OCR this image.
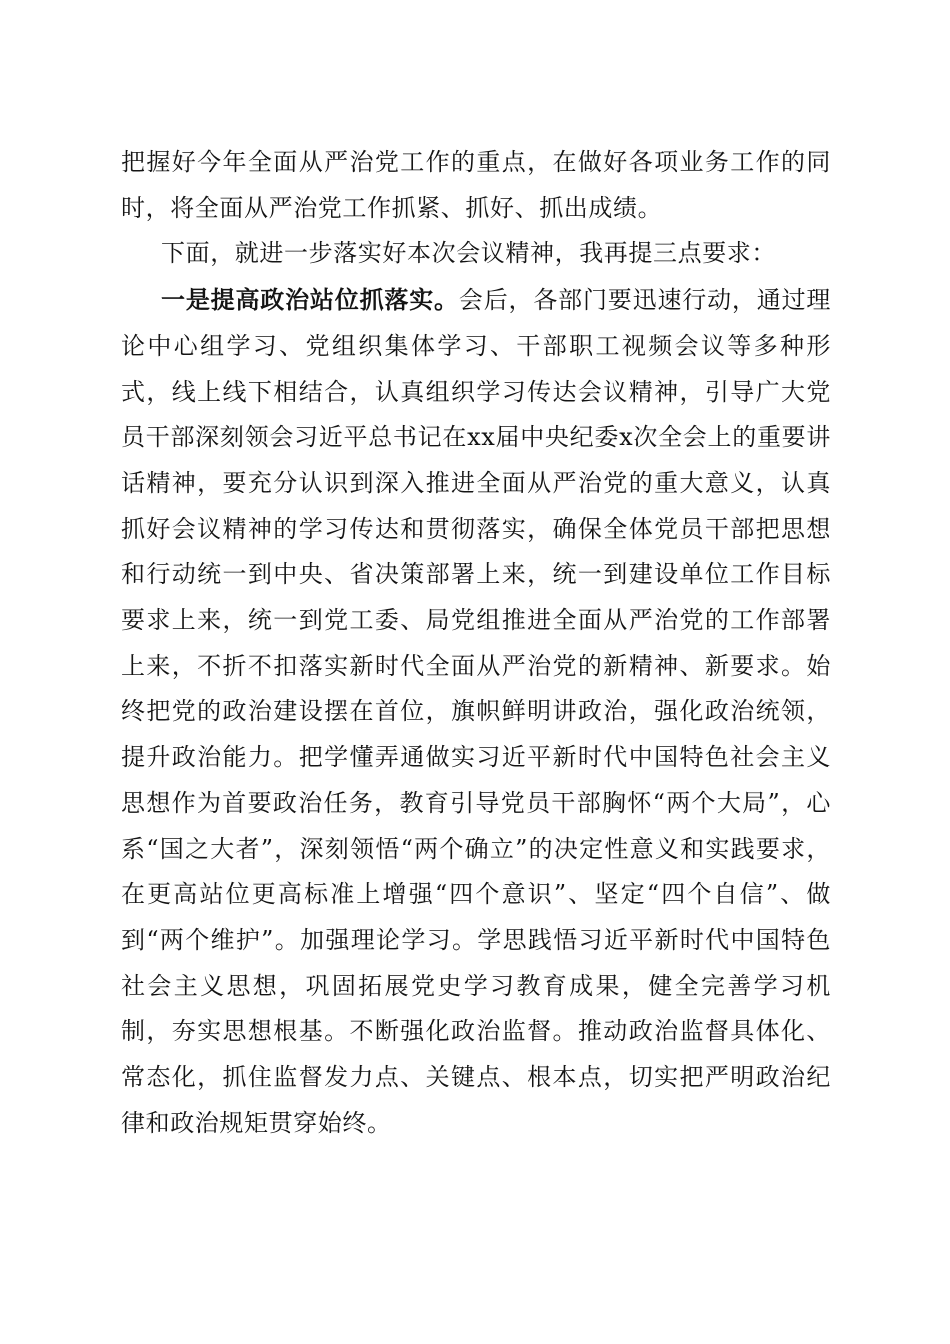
把握好今年全面从严治党工作的重点，在做好各项业务工作的同时，将全面从严治党工作抓紧、抓好、抓出成绩。

下面，就进一步落实好本次会议精神，我再提三点要求：

一是提高政治站位抓落实。会后，各部门要迅速行动，通过理论中心组学习、党组织集体学习、干部职工视频会议等多种形式，线上线下相结合，认真组织学习传达会议精神，引导广大党员干部深刻领会习近平总书记在xx届中央纪委x次全会上的重要讲话精神，要充分认识到深入推进全面从严治党的重大意义，认真抓好会议精神的学习传达和贯彻落实，确保全体党员干部把思想和行动统一到中央、省决策部署上来，统一到建设单位工作目标要求上来，统一到党工委、局党组推进全面从严治党的工作部署上来，不折不扣落实新时代全面从严治党的新精神、新要求。始终把党的政治建设摆在首位，旗帜鲜明讲政治，强化政治统领，提升政治能力。把学懂弄通做实习近平新时代中国特色社会主义思想作为首要政治任务，教育引导党员干部胸怀“两个大局”，心系“国之大者”，深刻领悟“两个确立”的决定性意义和实践要求，在更高站位更高标准上增强“四个意识”、坚定“四个自信”、做到“两个维护”。加强理论学习。学思践悟习近平新时代中国特色社会主义思想，巩固拓展党史学习教育成果，健全完善学习机制，夯实思想根基。不断强化政治监督。推动政治监督具体化、常态化，抓住监督发力点、关键点、根本点，切实把严明政治纪律和政治规矩贯穿始终。
